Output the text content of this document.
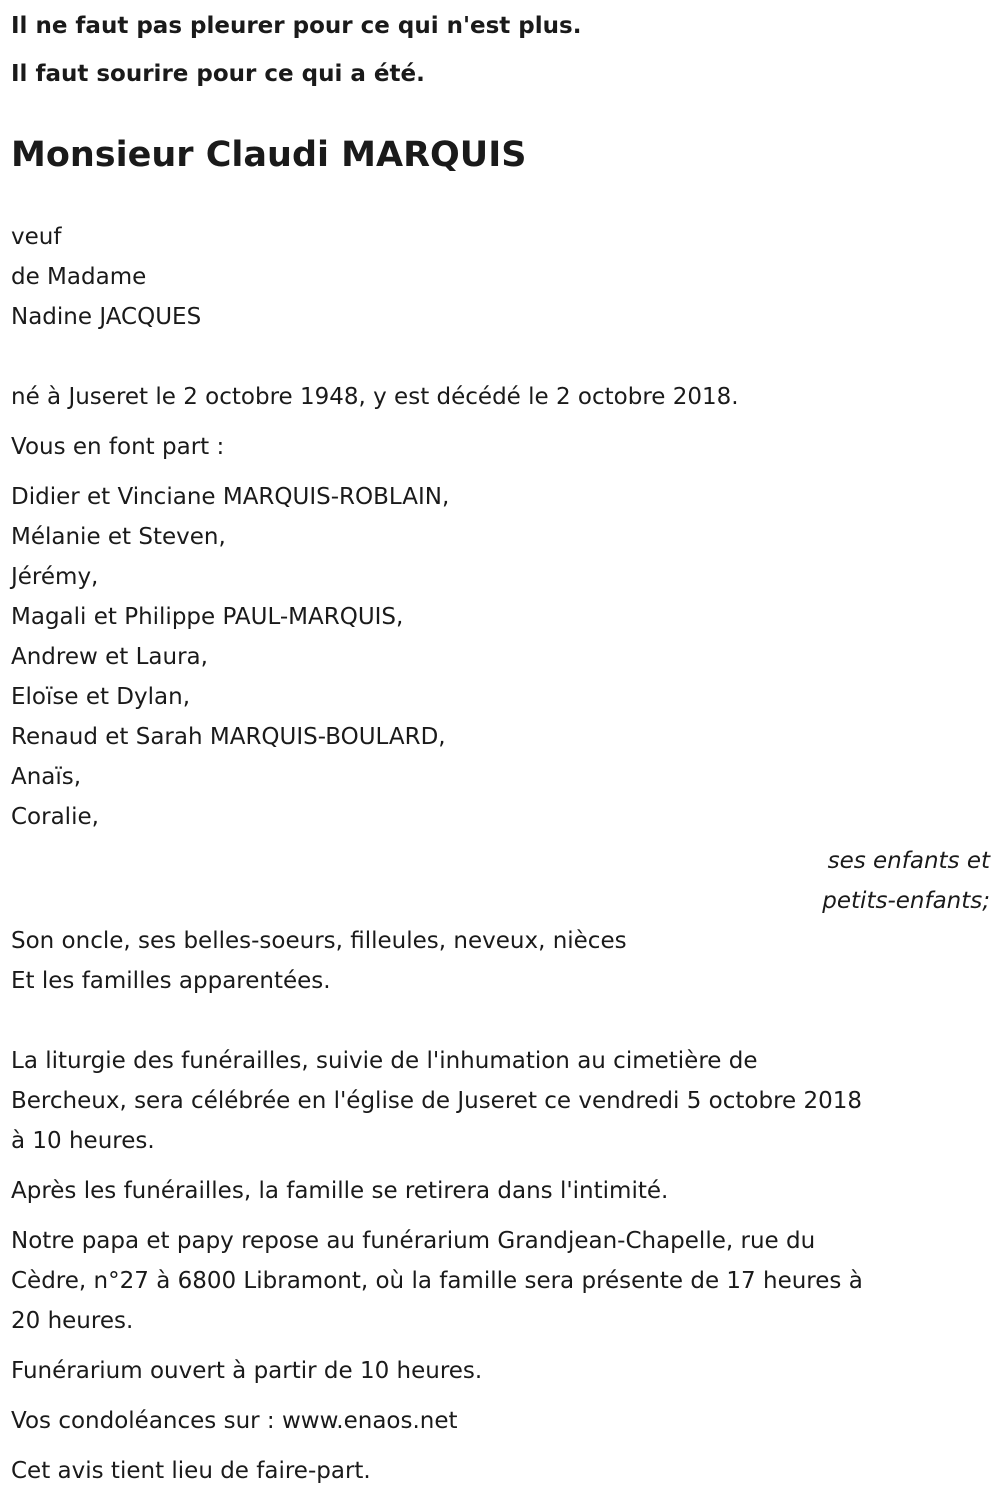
Il ne faut pas pleurer pour ce qui n'est plus.

Il faut sourire pour ce qui a été.

Monsieur Claudi MARQUIS

veuf

de Madame

Nadine JACQUES

né à Juseret le 2 octobre 1948, y est décédé le 2 octobre 2018.

Vous en font part :

Didier et Vinciane MARQUIS-ROBLAIN,

Mélanie et Steven,

Jérémy,

Magali et Philippe PAUL-MARQUIS,

Andrew et Laura,

Eloïse et Dylan,

Renaud et Sarah MARQUIS-BOULARD,

Anaïs,

Coralie,

ses enfants et

petits-enfants;

Son oncle, ses belles-soeurs, filleules, neveux, nièces

Et les familles apparentées.

La liturgie des funérailles, suivie de l'inhumation au cimetière de

Bercheux, sera célébrée en l'église de Juseret ce vendredi 5 octobre 2018

à 10 heures.

Après les funérailles, la famille se retirera dans l'intimité.

Notre papa et papy repose au funérarium Grandjean-Chapelle, rue du

Cèdre, n°27 à 6800 Libramont, où la famille sera présente de 17 heures à

20 heures.

Funérarium ouvert à partir de 10 heures.

Vos condoléances sur : www.enaos.net

Cet avis tient lieu de faire-part.
